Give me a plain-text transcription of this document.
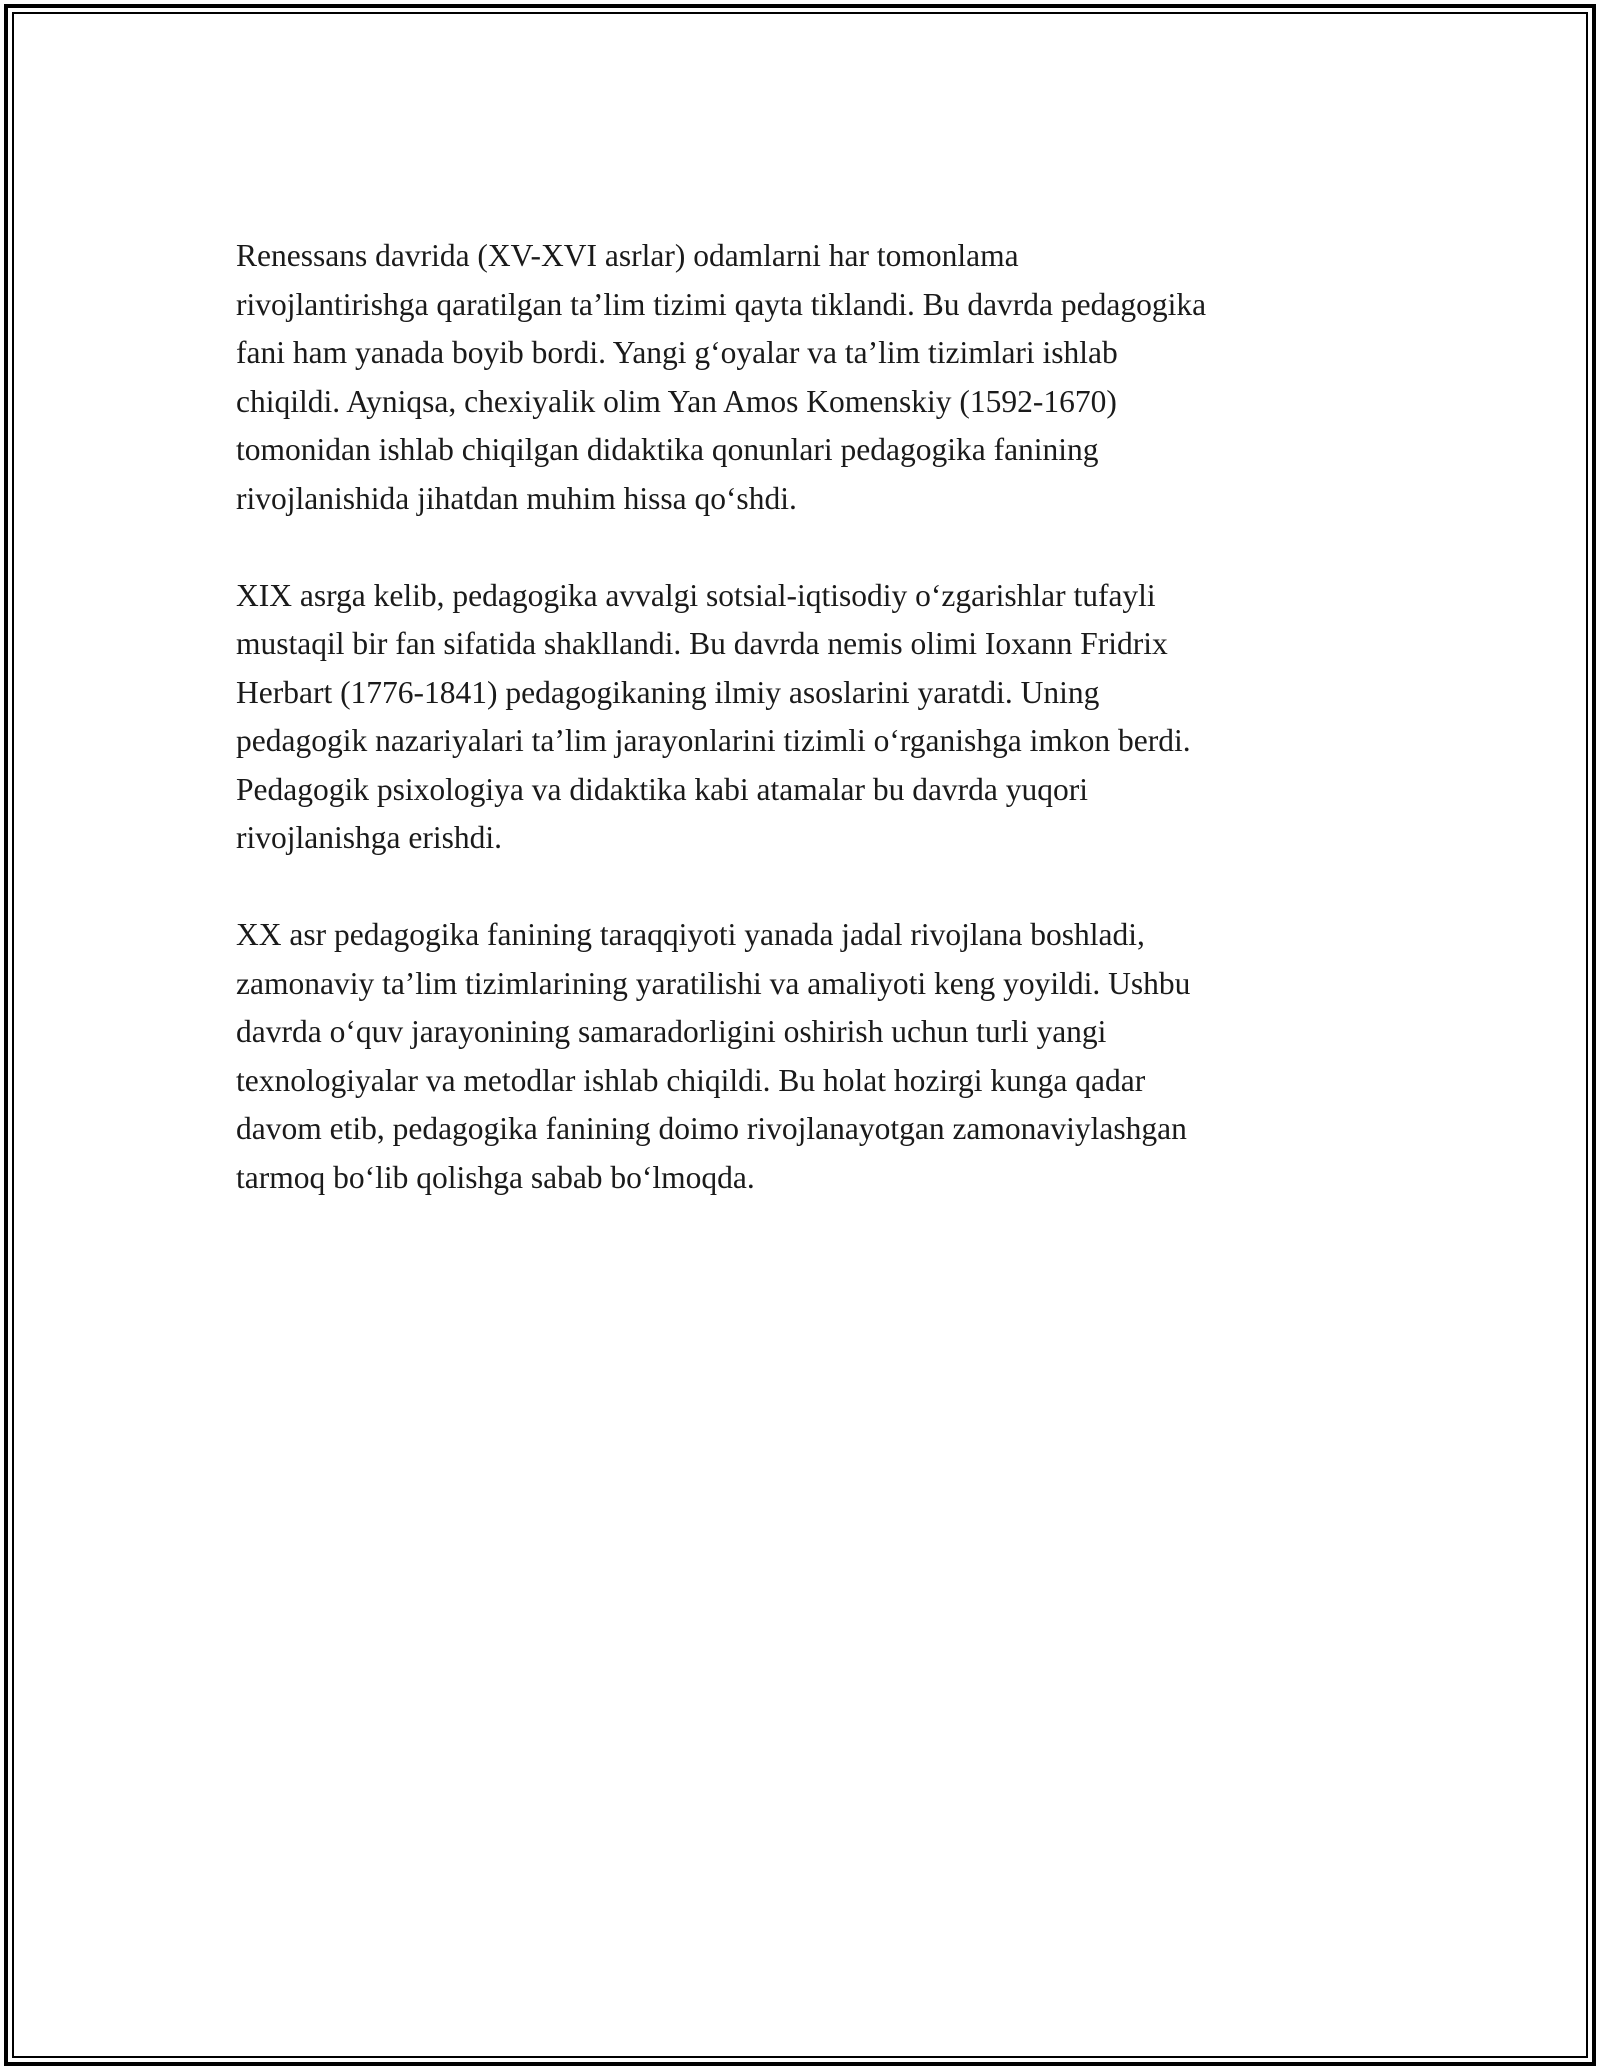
Renessans davrida (XV-XVI asrlar) odamlarni har tomonlama
rivojlantirishga qaratilgan ta’lim tizimi qayta tiklandi. Bu davrda pedagogika
fani ham yanada boyib bordi. Yangi g‘oyalar va ta’lim tizimlari ishlab
chiqildi. Ayniqsa, chexiyalik olim Yan Amos Komenskiy (1592-1670)
tomonidan ishlab chiqilgan didaktika qonunlari pedagogika fanining
rivojlanishida jihatdan muhim hissa qo‘shdi.

XIX asrga kelib, pedagogika avvalgi sotsial-iqtisodiy o‘zgarishlar tufayli
mustaqil bir fan sifatida shakllandi. Bu davrda nemis olimi Ioxann Fridrix
Herbart (1776-1841) pedagogikaning ilmiy asoslarini yaratdi. Uning
pedagogik nazariyalari ta’lim jarayonlarini tizimli o‘rganishga imkon berdi.
Pedagogik psixologiya va didaktika kabi atamalar bu davrda yuqori
rivojlanishga erishdi.

XX asr pedagogika fanining taraqqiyoti yanada jadal rivojlana boshladi,
zamonaviy ta’lim tizimlarining yaratilishi va amaliyoti keng yoyildi. Ushbu
davrda o‘quv jarayonining samaradorligini oshirish uchun turli yangi
texnologiyalar va metodlar ishlab chiqildi. Bu holat hozirgi kunga qadar
davom etib, pedagogika fanining doimo rivojlanayotgan zamonaviylashgan
tarmoq bo‘lib qolishga sabab bo‘lmoqda.
